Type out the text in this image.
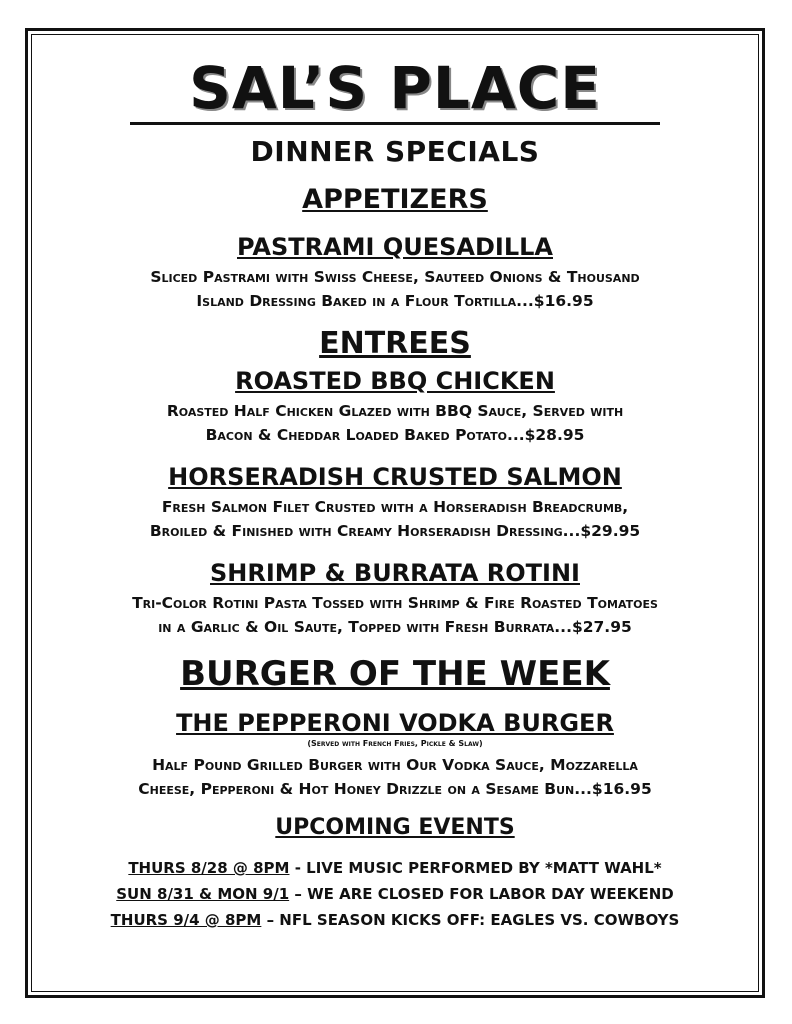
SAL’S PLACE
DINNER SPECIALS
APPETIZERS
PASTRAMI QUESADILLA
Sliced Pastrami with Swiss Cheese, Sauteed Onions & Thousand
Island Dressing Baked in a Flour Tortilla...$16.95
ENTREES
ROASTED BBQ CHICKEN
Roasted Half Chicken Glazed with BBQ Sauce, Served with
Bacon & Cheddar Loaded Baked Potato...$28.95
HORSERADISH CRUSTED SALMON
Fresh Salmon Filet Crusted with a Horseradish Breadcrumb,
Broiled & Finished with Creamy Horseradish Dressing...$29.95
SHRIMP & BURRATA ROTINI
Tri-Color Rotini Pasta Tossed with Shrimp & Fire Roasted Tomatoes
in a Garlic & Oil Saute, Topped with Fresh Burrata...$27.95
BURGER OF THE WEEK
THE PEPPERONI VODKA BURGER
(Served with French Fries, Pickle & Slaw)
Half Pound Grilled Burger with Our Vodka Sauce, Mozzarella
Cheese, Pepperoni & Hot Honey Drizzle on a Sesame Bun...$16.95
UPCOMING EVENTS
THURS 8/28 @ 8PM - LIVE MUSIC PERFORMED BY *MATT WAHL*
SUN 8/31 & MON 9/1 – WE ARE CLOSED FOR LABOR DAY WEEKEND
THURS 9/4 @ 8PM – NFL SEASON KICKS OFF: EAGLES VS. COWBOYS
